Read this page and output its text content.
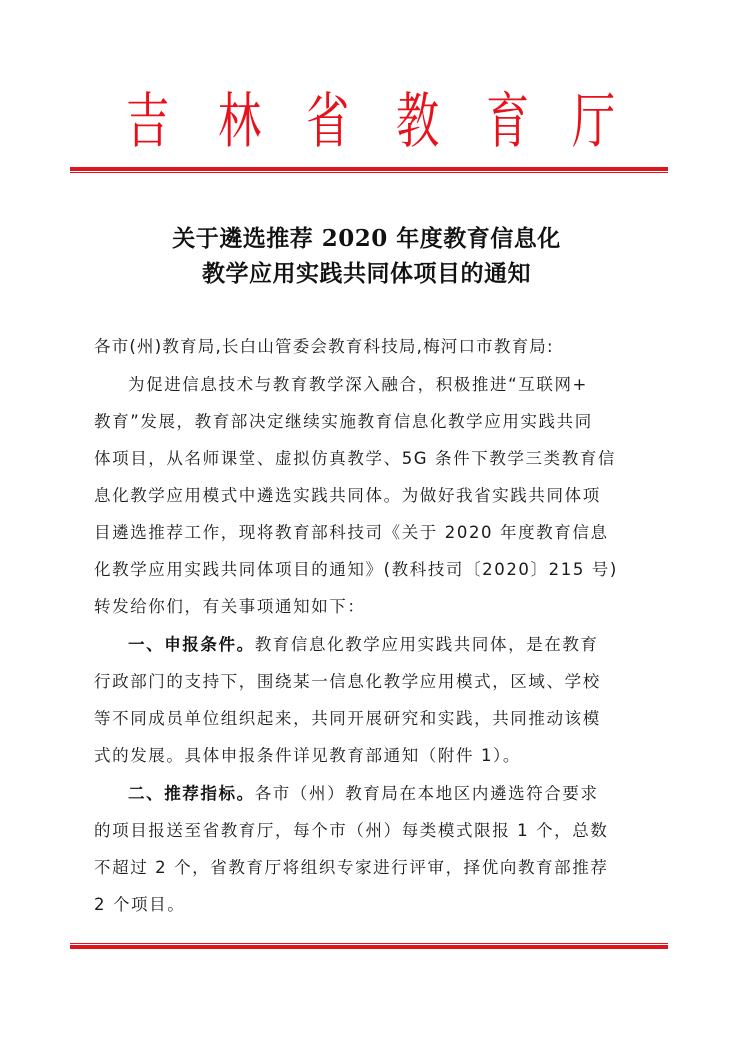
吉 林 省 教 育 厅
关于遴选推荐 2020 年度教育信息化
教学应用实践共同体项目的通知
各市(州)教育局,长白山管委会教育科技局,梅河口市教育局:
为促进信息技术与教育教学深入融合，积极推进“互联网+
教育”发展，教育部决定继续实施教育信息化教学应用实践共同
体项目，从名师课堂、虚拟仿真教学、5G 条件下教学三类教育信
息化教学应用模式中遴选实践共同体。为做好我省实践共同体项
目遴选推荐工作，现将教育部科技司《关于 2020 年度教育信息
化教学应用实践共同体项目的通知》(教科技司〔2020〕215 号)
转发给你们，有关事项通知如下：
一、申报条件。教育信息化教学应用实践共同体，是在教育
行政部门的支持下，围绕某一信息化教学应用模式，区域、学校
等不同成员单位组织起来，共同开展研究和实践，共同推动该模
式的发展。具体申报条件详见教育部通知（附件 1）。
二、推荐指标。各市（州）教育局在本地区内遴选符合要求
的项目报送至省教育厅，每个市（州）每类模式限报 1 个，总数
不超过 2 个，省教育厅将组织专家进行评审，择优向教育部推荐
2 个项目。
